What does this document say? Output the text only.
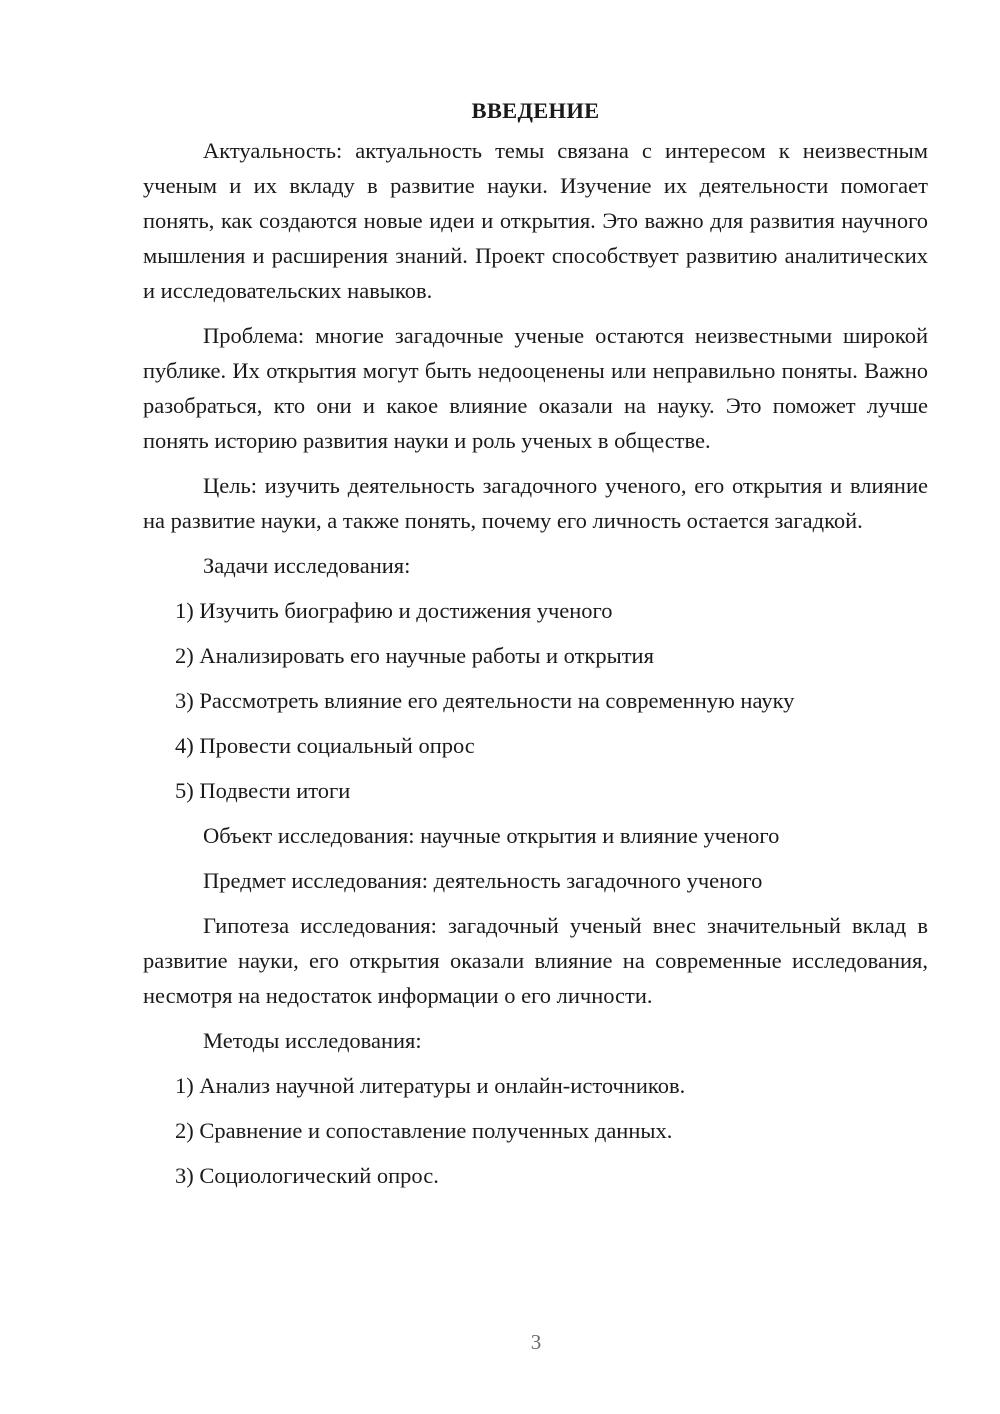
ВВЕДЕНИЕ

Актуальность: актуальность темы связана с интересом к неизвестным ученым и их вкладу в развитие науки. Изучение их деятельности помогает понять, как создаются новые идеи и открытия. Это важно для развития научного мышления и расширения знаний. Проект способствует развитию аналитических и исследовательских навыков.

Проблема: многие загадочные ученые остаются неизвестными широкой публике. Их открытия могут быть недооценены или неправильно поняты. Важно разобраться, кто они и какое влияние оказали на науку. Это поможет лучше понять историю развития науки и роль ученых в обществе.

Цель: изучить деятельность загадочного ученого, его открытия и влияние на развитие науки, а также понять, почему его личность остается загадкой.

Задачи исследования:
1) Изучить биографию и достижения ученого
2) Анализировать его научные работы и открытия
3) Рассмотреть влияние его деятельности на современную науку
4) Провести социальный опрос
5) Подвести итоги
Объект исследования: научные открытия и влияние ученого
Предмет исследования: деятельность загадочного ученого

Гипотеза исследования: загадочный ученый внес значительный вклад в развитие науки, его открытия оказали влияние на современные исследования, несмотря на недостаток информации о его личности.

Методы исследования:
1) Анализ научной литературы и онлайн-источников.
2) Сравнение и сопоставление полученных данных.
3) Социологический опрос.
3
